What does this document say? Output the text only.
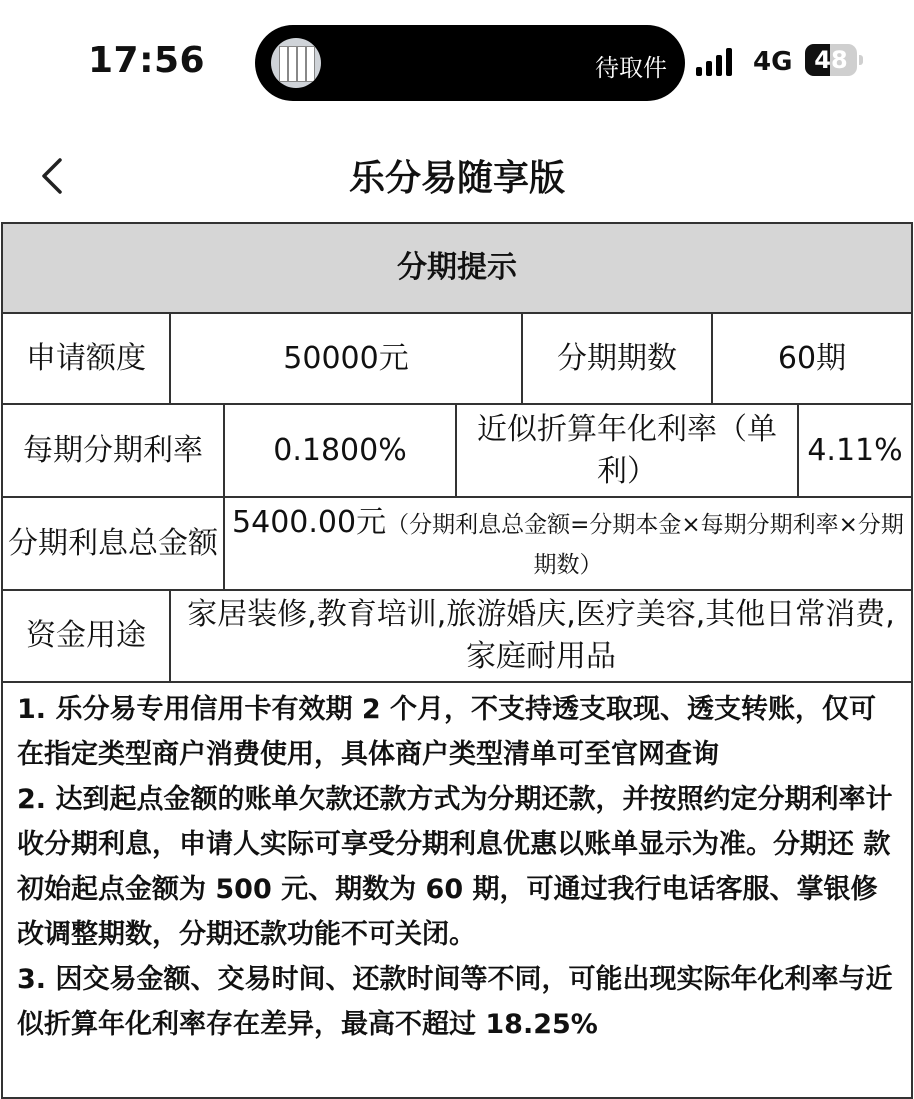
17:56	待取件	4G 48
乐分易随享版
分期提示						
申请额度	50000元			分期期数	60期	
每期分期利率		0.1800%	近似折算年化利率（单利）			4.11%
分期利息总金额		5400.00元（分期利息总金额=分期本金×每期分期利率×分期期数）				
资金用途	家居装修,教育培训,旅游婚庆,医疗美容,其他日常消费,家庭耐用品					

1. 乐分易专用信用卡有效期 2 个月，不支持透支取现、透支转账，仅可在指定类型商户消费使用，具体商户类型清单可至官网查询

2. 达到起点金额的账单欠款还款方式为分期还款，并按照约定分期利率计收分期利息，申请人实际可享受分期利息优惠以账单显示为准。分期还 款初始起点金额为 500 元、期数为 60 期，可通过我行电话客服、掌银修改调整期数，分期还款功能不可关闭。

3. 因交易金额、交易时间、还款时间等不同，可能出现实际年化利率与近似折算年化利率存在差异，最高不超过 18.25%						
